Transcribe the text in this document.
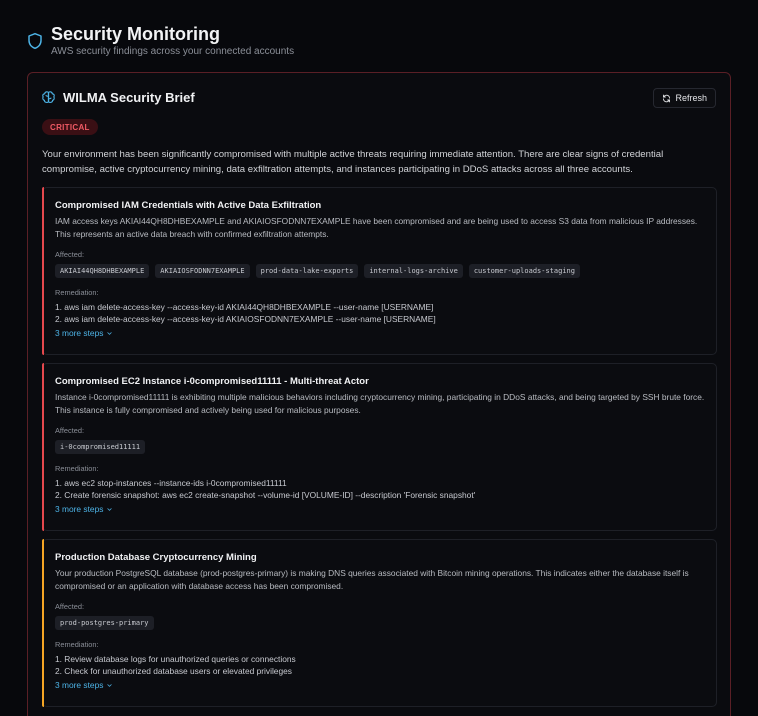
Security Monitoring
AWS security findings across your connected accounts
WILMA Security Brief	Refresh
CRITICAL
Your environment has been significantly compromised with multiple active threats requiring immediate attention. There are clear signs of credential compromise, active cryptocurrency mining, data exfiltration attempts, and instances participating in DDoS attacks across all three accounts.
Compromised IAM Credentials with Active Data Exfiltration
IAM access keys AKIAI44QH8DHBEXAMPLE and AKIAIOSFODNN7EXAMPLE have been compromised and are being used to access S3 data from malicious IP addresses. This represents an active data breach with confirmed exfiltration attempts.
Affected:
AKIAI44QH8DHBEXAMPLE	AKIAIOSFODNN7EXAMPLE	prod-data-lake-exports	internal-logs-archive	customer-uploads-staging
Remediation:
1. aws iam delete-access-key --access-key-id AKIAI44QH8DHBEXAMPLE --user-name [USERNAME]
2. aws iam delete-access-key --access-key-id AKIAIOSFODNN7EXAMPLE --user-name [USERNAME]
3 more steps
Compromised EC2 Instance i-0compromised11111 - Multi-threat Actor
Instance i-0compromised11111 is exhibiting multiple malicious behaviors including cryptocurrency mining, participating in DDoS attacks, and being targeted by SSH brute force. This instance is fully compromised and actively being used for malicious purposes.
Affected:
i-0compromised11111
Remediation:
1. aws ec2 stop-instances --instance-ids i-0compromised11111
2. Create forensic snapshot: aws ec2 create-snapshot --volume-id [VOLUME-ID] --description 'Forensic snapshot'
3 more steps
Production Database Cryptocurrency Mining
Your production PostgreSQL database (prod-postgres-primary) is making DNS queries associated with Bitcoin mining operations. This indicates either the database itself is compromised or an application with database access has been compromised.
Affected:
prod-postgres-primary
Remediation:
1. Review database logs for unauthorized queries or connections
2. Check for unauthorized database users or elevated privileges
3 more steps
